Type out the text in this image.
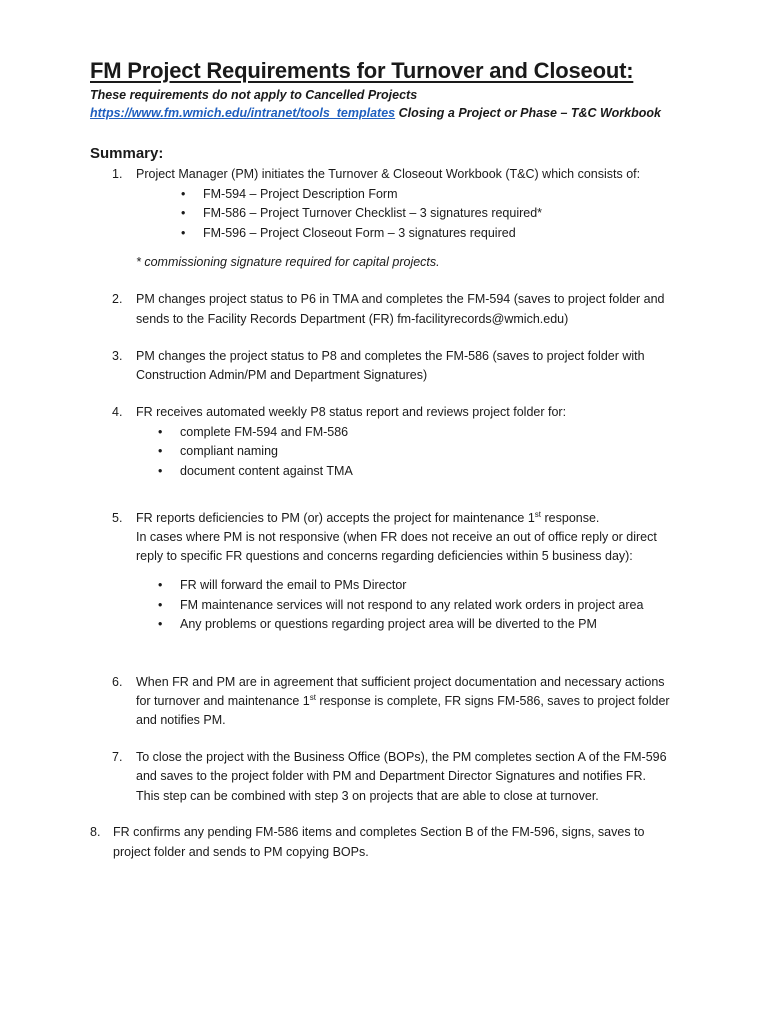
FM Project Requirements for Turnover and Closeout:
These requirements do not apply to Cancelled Projects
https://www.fm.wmich.edu/intranet/tools_templates Closing a Project or Phase – T&C Workbook
Summary:
1. Project Manager (PM) initiates the Turnover & Closeout Workbook (T&C) which consists of:
• FM-594 – Project Description Form
• FM-586 – Project Turnover Checklist – 3 signatures required*
• FM-596 – Project Closeout Form – 3 signatures required
* commissioning signature required for capital projects.
2. PM changes project status to P6 in TMA and completes the FM-594 (saves to project folder and
sends to the Facility Records Department (FR) fm-facilityrecords@wmich.edu)
3. PM changes the project status to P8 and completes the FM-586 (saves to project folder with
Construction Admin/PM and Department Signatures)
4. FR receives automated weekly P8 status report and reviews project folder for:
• complete FM-594 and FM-586
• compliant naming
• document content against TMA
5. FR reports deficiencies to PM (or) accepts the project for maintenance 1st response.
In cases where PM is not responsive (when FR does not receive an out of office reply or direct
reply to specific FR questions and concerns regarding deficiencies within 5 business day):
• FR will forward the email to PMs Director
• FM maintenance services will not respond to any related work orders in project area
• Any problems or questions regarding project area will be diverted to the PM
6. When FR and PM are in agreement that sufficient project documentation and necessary actions
for turnover and maintenance 1st response is complete, FR signs FM-586, saves to project folder
and notifies PM.
7. To close the project with the Business Office (BOPs), the PM completes section A of the FM-596
and saves to the project folder with PM and Department Director Signatures and notifies FR.
This step can be combined with step 3 on projects that are able to close at turnover.
8. FR confirms any pending FM-586 items and completes Section B of the FM-596, signs, saves to
project folder and sends to PM copying BOPs.
